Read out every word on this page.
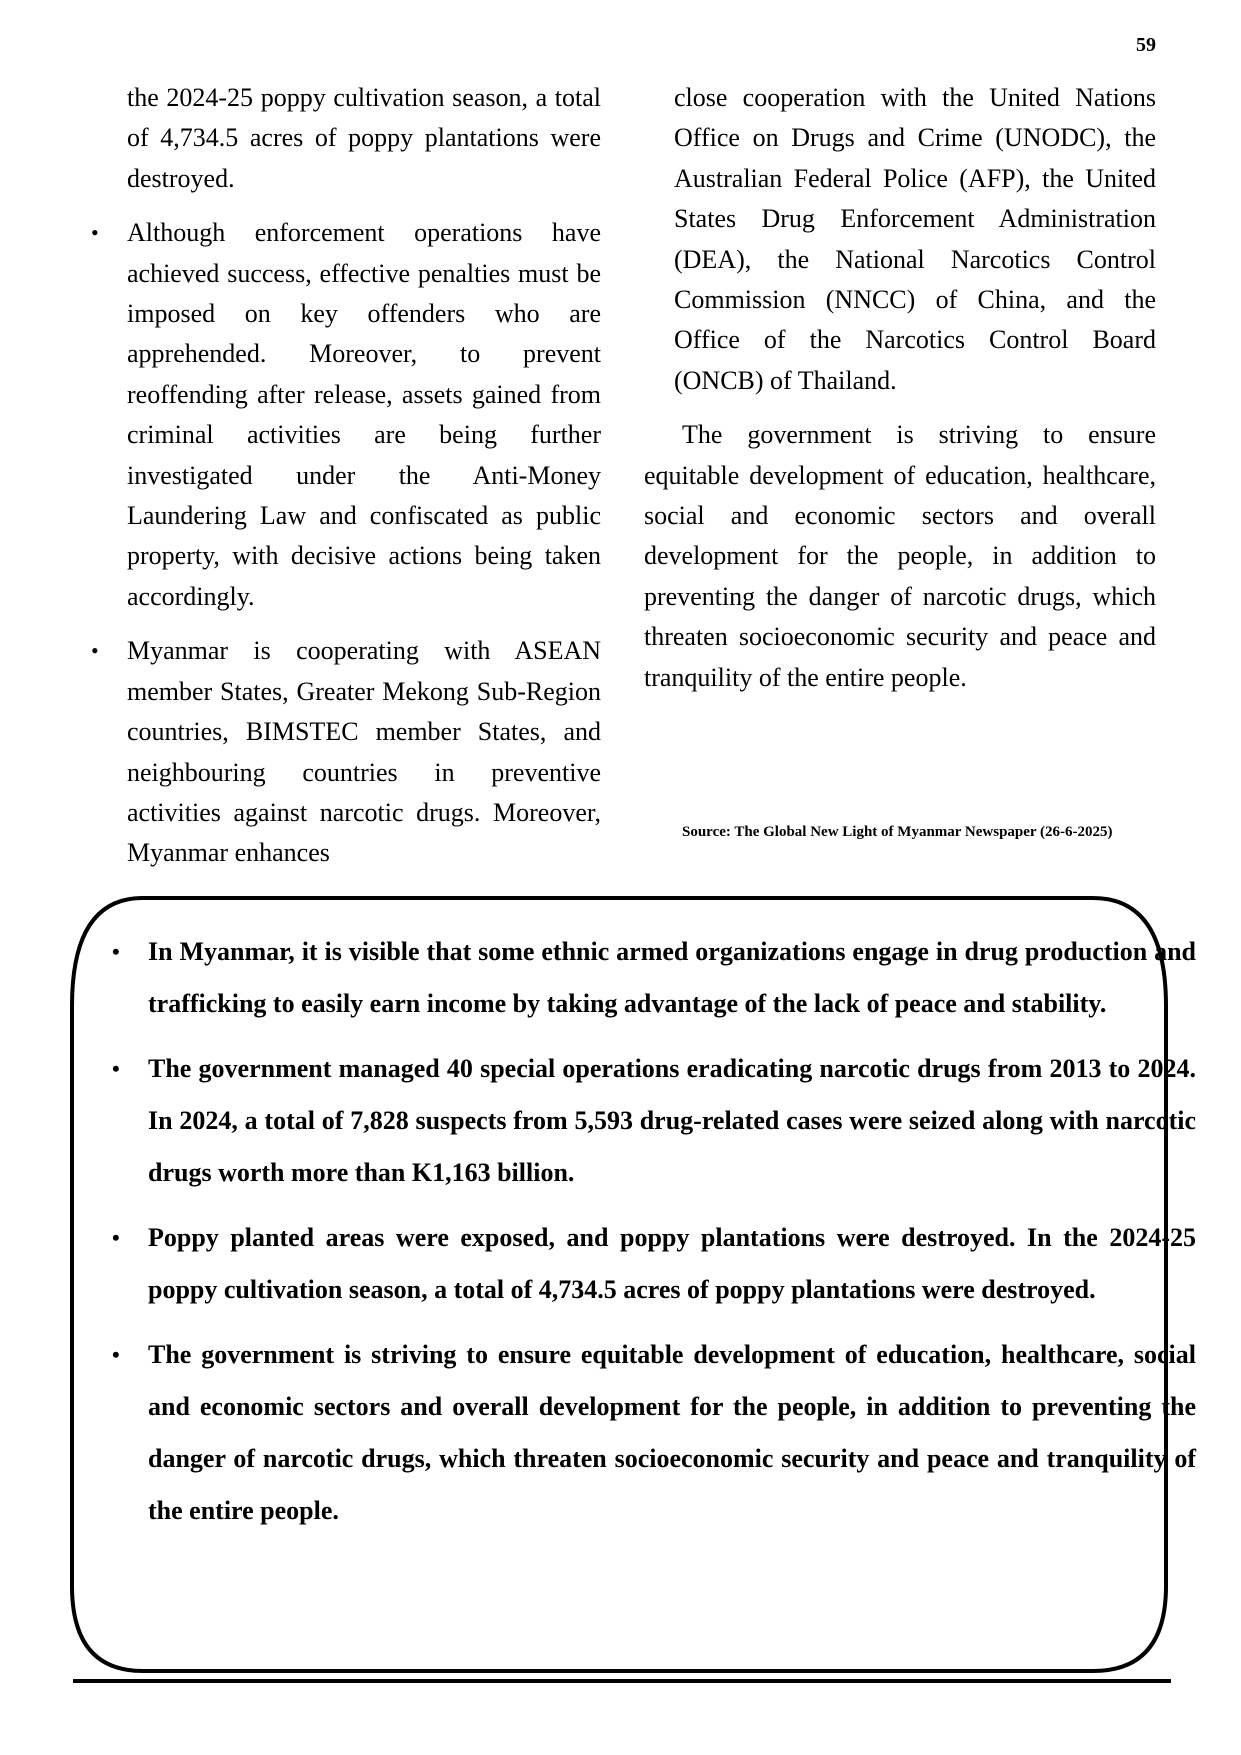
59

the 2024-25 poppy cultivation season, a total of 4,734.5 acres of poppy plantations were destroyed.

• Although enforcement operations have achieved success, effective penalties must be imposed on key offenders who are apprehended. Moreover, to prevent reoffending after release, assets gained from criminal activities are being further investigated under the Anti-Money Laundering Law and confiscated as public property, with decisive actions being taken accordingly.

• Myanmar is cooperating with ASEAN member States, Greater Mekong Sub-Region countries, BIMSTEC member States, and neighbouring countries in preventive activities against narcotic drugs. Moreover, Myanmar enhances

close cooperation with the United Nations Office on Drugs and Crime (UNODC), the Australian Federal Police (AFP), the United States Drug Enforcement Administration (DEA), the National Narcotics Control Commission (NNCC) of China, and the Office of the Narcotics Control Board (ONCB) of Thailand.

The government is striving to ensure equitable development of education, healthcare, social and economic sectors and overall development for the people, in addition to preventing the danger of narcotic drugs, which threaten socioeconomic security and peace and tranquility of the entire people.

Source: The Global New Light of Myanmar Newspaper (26-6-2025)
• In Myanmar, it is visible that some ethnic armed organizations engage in drug production and trafficking to easily earn income by taking advantage of the lack of peace and stability.
• The government managed 40 special operations eradicating narcotic drugs from 2013 to 2024. In 2024, a total of 7,828 suspects from 5,593 drug-related cases were seized along with narcotic drugs worth more than K1,163 billion.
• Poppy planted areas were exposed, and poppy plantations were destroyed. In the 2024-25 poppy cultivation season, a total of 4,734.5 acres of poppy plantations were destroyed.
• The government is striving to ensure equitable development of education, healthcare, social and economic sectors and overall development for the people, in addition to preventing the danger of narcotic drugs, which threaten socioeconomic security and peace and tranquility of the entire people.
